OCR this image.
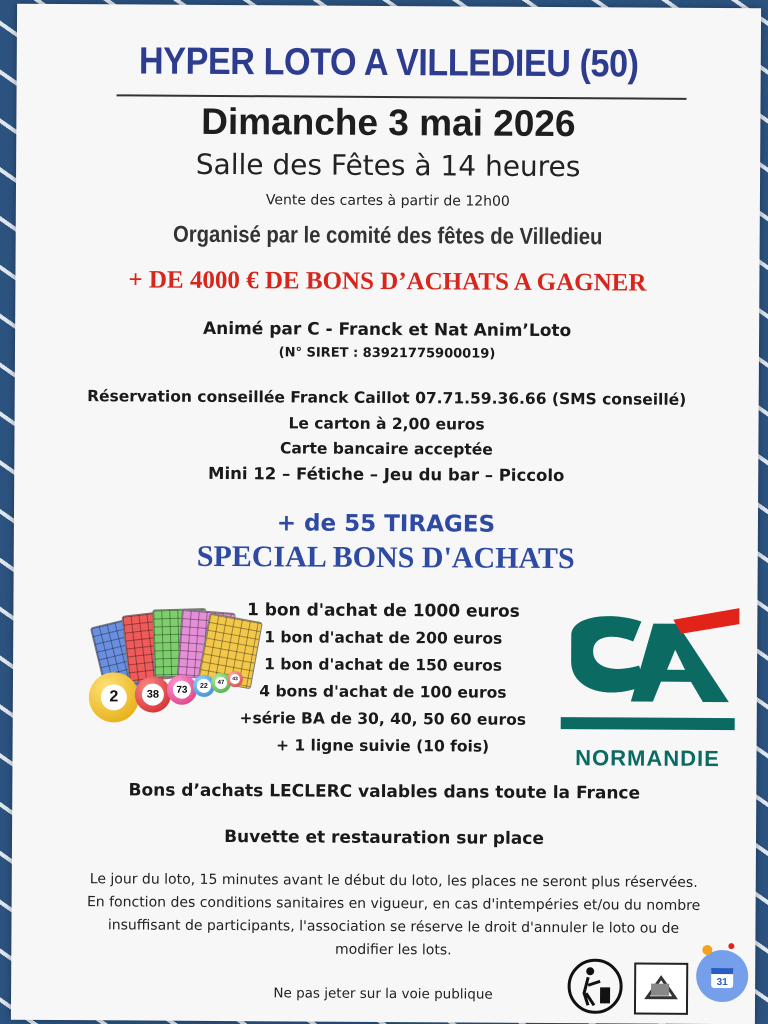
HYPER LOTO A VILLEDIEU (50)
Dimanche 3 mai 2026
Salle des Fêtes à 14 heures
Vente des cartes à partir de 12h00
Organisé par le comité des fêtes de Villedieu
+ DE 4000 € DE BONS D’ACHATS A GAGNER
Animé par C - Franck et Nat Anim’Loto
(N° SIRET : 83921775900019)
Réservation conseillée Franck Caillot 07.71.59.36.66 (SMS conseillé)
Le carton à 2,00 euros
Carte bancaire acceptée
Mini 12 – Fétiche – Jeu du bar – Piccolo
+ de 55 TIRAGES
SPECIAL BONS D'ACHATS
2	38	73	22	47
43
1 bon d'achat de 1000 euros
1 bon d'achat de 200 euros
1 bon d'achat de 150 euros
4 bons d'achat de 100 euros
+série BA de 30, 40, 50 60 euros
+ 1 ligne suivie (10 fois)	NORMANDIE
Bons d’achats LECLERC valables dans toute la France
Buvette et restauration sur place
Le jour du loto, 15 minutes avant le début du loto, les places ne seront plus réservées.
En fonction des conditions sanitaires en vigueur, en cas d'intempéries et/ou du nombre
insuffisant de participants, l'association se réserve le droit d'annuler le loto ou de
modifier les lots.
Ne pas jeter sur la voie publique
31
